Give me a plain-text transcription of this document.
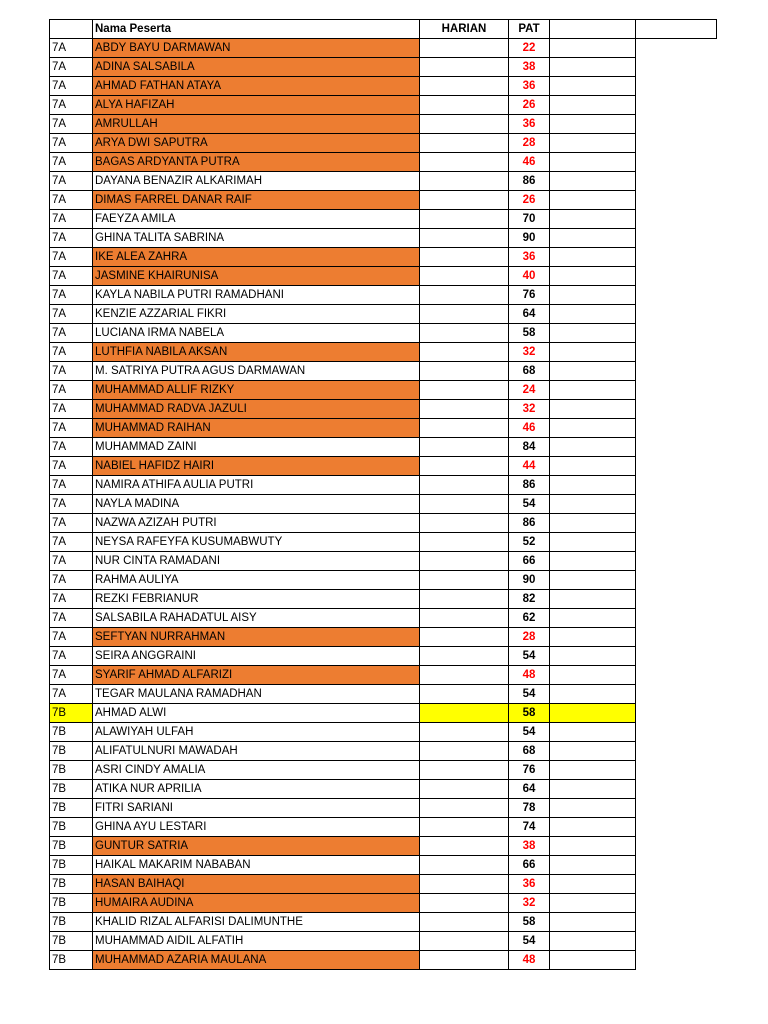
	Nama Peserta	HARIAN	PAT		
7A	ABDY BAYU DARMAWAN		22		
7A	ADINA SALSABILA		38		
7A	AHMAD FATHAN ATAYA		36		
7A	ALYA HAFIZAH		26		
7A	AMRULLAH		36		
7A	ARYA DWI SAPUTRA		28		
7A	BAGAS ARDYANTA PUTRA		46		
7A	DAYANA BENAZIR ALKARIMAH		86		
7A	DIMAS FARREL DANAR RAIF		26		
7A	FAEYZA AMILA		70		
7A	GHINA TALITA SABRINA		90		
7A	IKE ALEA ZAHRA		36		
7A	JASMINE KHAIRUNISA		40		
7A	KAYLA NABILA PUTRI RAMADHANI		76		
7A	KENZIE AZZARIAL FIKRI		64		
7A	LUCIANA IRMA NABELA		58		
7A	LUTHFIA NABILA AKSAN		32		
7A	M. SATRIYA PUTRA AGUS DARMAWAN		68		
7A	MUHAMMAD ALLIF RIZKY		24		
7A	MUHAMMAD RADVA JAZULI		32		
7A	MUHAMMAD RAIHAN		46		
7A	MUHAMMAD ZAINI		84		
7A	NABIEL HAFIDZ HAIRI		44		
7A	NAMIRA ATHIFA AULIA PUTRI		86		
7A	NAYLA MADINA		54		
7A	NAZWA AZIZAH PUTRI		86		
7A	NEYSA RAFEYFA KUSUMABWUTY		52		
7A	NUR CINTA RAMADANI		66		
7A	RAHMA AULIYA		90		
7A	REZKI FEBRIANUR		82		
7A	SALSABILA RAHADATUL AISY		62		
7A	SEFTYAN NURRAHMAN		28		
7A	SEIRA ANGGRAINI		54		
7A	SYARIF AHMAD ALFARIZI		48		
7A	TEGAR MAULANA RAMADHAN		54		
7B	AHMAD ALWI		58		
7B	ALAWIYAH ULFAH		54		
7B	ALIFATULNURI MAWADAH		68		
7B	ASRI CINDY AMALIA		76		
7B	ATIKA NUR APRILIA		64		
7B	FITRI SARIANI		78		
7B	GHINA AYU LESTARI		74		
7B	GUNTUR SATRIA		38		
7B	HAIKAL MAKARIM NABABAN		66		
7B	HASAN BAIHAQI		36		
7B	HUMAIRA AUDINA		32		
7B	KHALID RIZAL ALFARISI DALIMUNTHE		58		
7B	MUHAMMAD AIDIL ALFATIH		54		
7B	MUHAMMAD AZARIA MAULANA		48		
